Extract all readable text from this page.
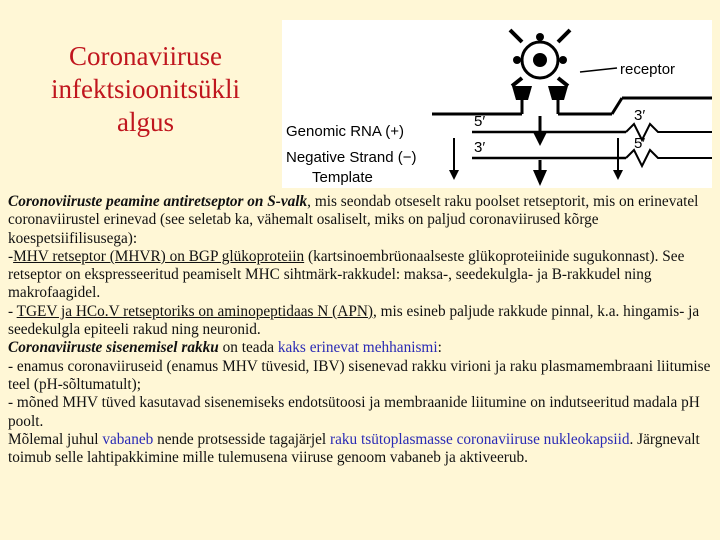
Coronaviiruse
infektsioonitsükli
algus
receptor
Genomic RNA (+)
Negative Strand (−)
Template
5′	3′
3′	5′

Coronoviiruste peamine antiretseptor on S-valk, mis seondab otseselt raku poolset retseptorit, mis on erinevatel coronaviirustel erinevad (see seletab ka, vähemalt osaliselt, miks on paljud coronaviirused kõrge koespetsiifilisusega):

-MHV retseptor (MHVR) on BGP glükoproteiin (kartsinoembrüonaalseste glükoproteiinide sugukonnast). See retseptor on ekspresseeritud peamiselt MHC sihtmärk-rakkudel: maksa-, seedekulgla- ja B-rakkudel ning makrofaagidel.

- TGEV ja HCo.V retseptoriks on aminopeptidaas N (APN), mis esineb paljude rakkude pinnal, k.a. hingamis- ja seedekulgla epiteeli rakud ning neuronid.

Coronaviiruste sisenemisel rakku on teada kaks erinevat mehhanismi:

- enamus coronaviiruseid (enamus MHV tüvesid, IBV) sisenevad rakku virioni ja raku plasmamembraani liitumise teel (pH-sõltumatult);

- mõned MHV tüved kasutavad sisenemiseks endotsütoosi ja membraanide liitumine on indutseeritud madala pH poolt.

Mõlemal juhul vabaneb nende protsesside tagajärjel raku tsütoplasmasse coronaviiruse nukleokapsiid. Järgnevalt toimub selle lahtipakkimine mille tulemusena viiruse genoom vabaneb ja aktiveerub.
